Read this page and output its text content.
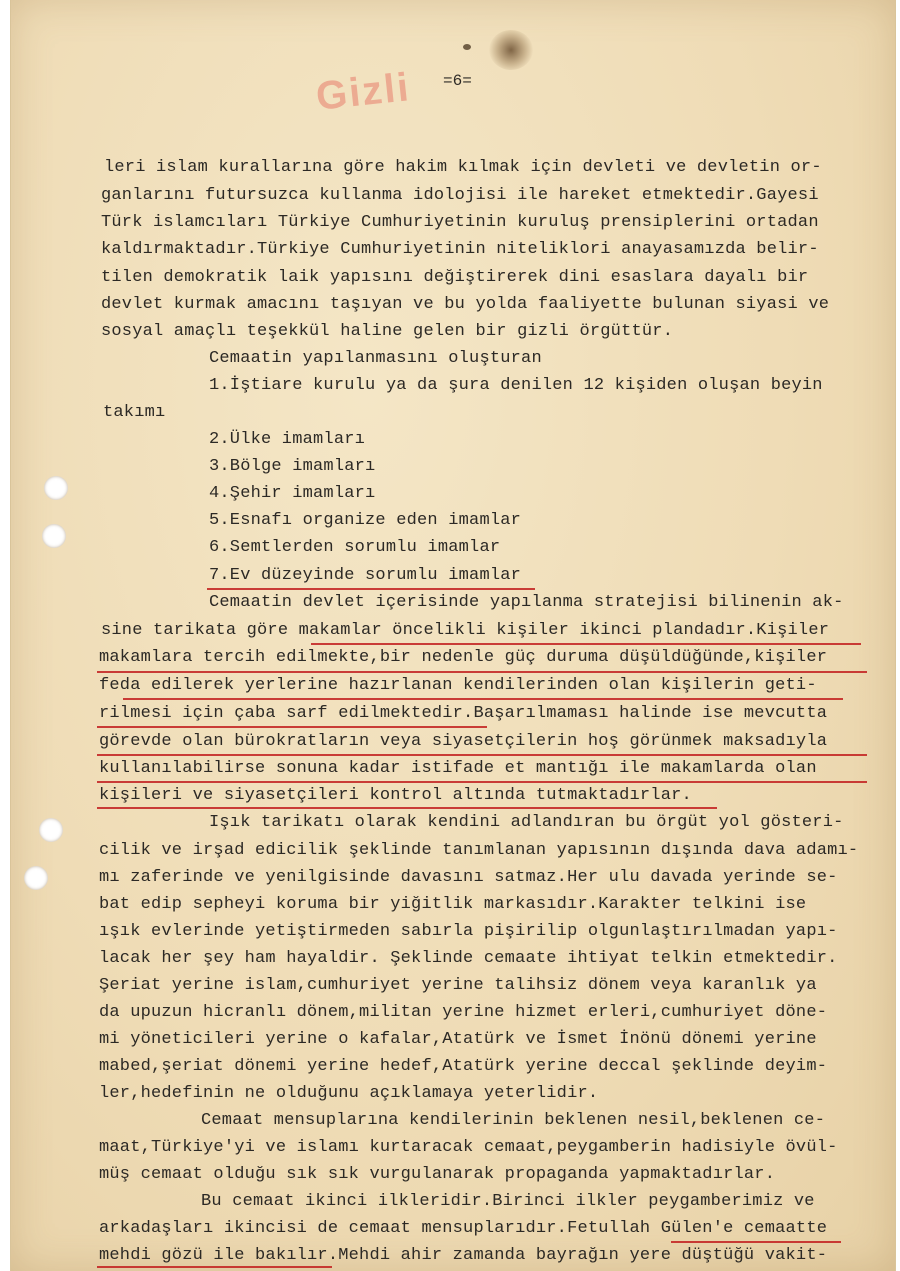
Gizli =6=
leri islam kurallarına göre hakim kılmak için devleti ve devletin or-
ganlarını futursuzca kullanma idolojisi ile hareket etmektedir.Gayesi
Türk islamcıları Türkiye Cumhuriyetinin kuruluş prensiplerini ortadan
kaldırmaktadır.Türkiye Cumhuriyetinin niteliklori anayasamızda belir-
tilen demokratik laik yapısını değiştirerek dini esaslara dayalı bir
devlet kurmak amacını taşıyan ve bu yolda faaliyette bulunan siyasi ve
sosyal amaçlı teşekkül haline gelen bir gizli örgüttür.
Cemaatin yapılanmasını oluşturan
1.İştiare kurulu ya da şura denilen 12 kişiden oluşan beyin
takımı
2.Ülke imamları
3.Bölge imamları
4.Şehir imamları
5.Esnafı organize eden imamlar
6.Semtlerden sorumlu imamlar
7.Ev düzeyinde sorumlu imamlar
Cemaatin devlet içerisinde yapılanma stratejisi bilinenin ak-
sine tarikata göre makamlar öncelikli kişiler ikinci plandadır.Kişiler
makamlara tercih edilmekte,bir nedenle güç duruma düşüldüğünde,kişiler
feda edilerek yerlerine hazırlanan kendilerinden olan kişilerin geti-
rilmesi için çaba sarf edilmektedir.Başarılmaması halinde ise mevcutta
görevde olan bürokratların veya siyasetçilerin hoş görünmek maksadıyla
kullanılabilirse sonuna kadar istifade et mantığı ile makamlarda olan
kişileri ve siyasetçileri kontrol altında tutmaktadırlar.
Işık tarikatı olarak kendini adlandıran bu örgüt yol gösteri-
cilik ve irşad edicilik şeklinde tanımlanan yapısının dışında dava adamı-
mı zaferinde ve yenilgisinde davasını satmaz.Her ulu davada yerinde se-
bat edip sepheyi koruma bir yiğitlik markasıdır.Karakter telkini ise
ışık evlerinde yetiştirmeden sabırla pişirilip olgunlaştırılmadan yapı-
lacak her şey ham hayaldir. Şeklinde cemaate ihtiyat telkin etmektedir.
Şeriat yerine islam,cumhuriyet yerine talihsiz dönem veya karanlık ya
da upuzun hicranlı dönem,militan yerine hizmet erleri,cumhuriyet döne-
mi yöneticileri yerine o kafalar,Atatürk ve İsmet İnönü dönemi yerine
mabed,şeriat dönemi yerine hedef,Atatürk yerine deccal şeklinde deyim-
ler,hedefinin ne olduğunu açıklamaya yeterlidir.
Cemaat mensuplarına kendilerinin beklenen nesil,beklenen ce-
maat,Türkiye'yi ve islamı kurtaracak cemaat,peygamberin hadisiyle övül-
müş cemaat olduğu sık sık vurgulanarak propaganda yapmaktadırlar.
Bu cemaat ikinci ilkleridir.Birinci ilkler peygamberimiz ve
arkadaşları ikincisi de cemaat mensuplarıdır.Fetullah Gülen'e cemaatte
mehdi gözü ile bakılır.Mehdi ahir zamanda bayrağın yere düştüğü vakit-
